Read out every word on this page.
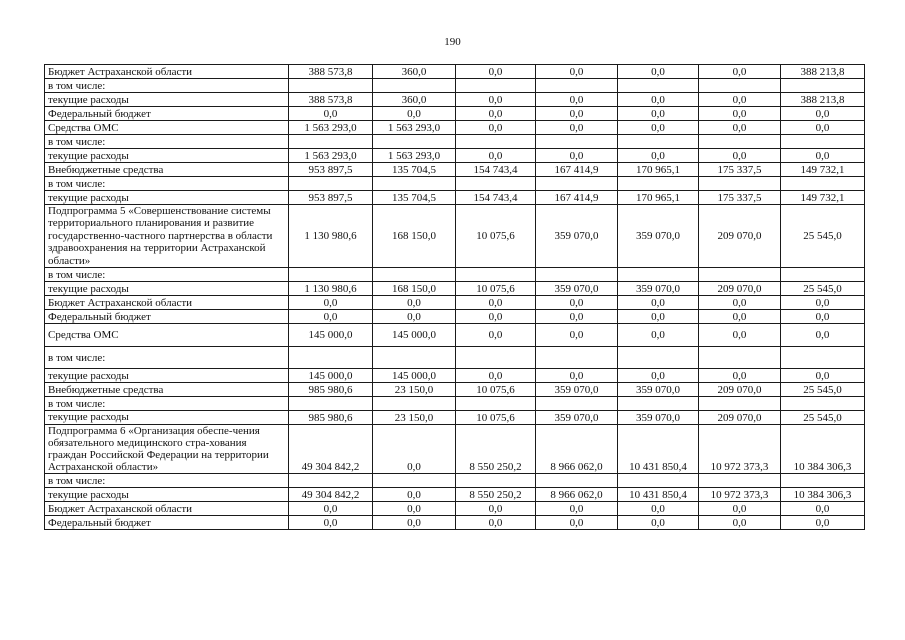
190
Бюджет Астраханской области	388 573,8	360,0	0,0	0,0	0,0	0,0	388 213,8
в том числе:							
текущие расходы	388 573,8	360,0	0,0	0,0	0,0	0,0	388 213,8
Федеральный бюджет	0,0	0,0	0,0	0,0	0,0	0,0	0,0
Средства ОМС	1 563 293,0	1 563 293,0	0,0	0,0	0,0	0,0	0,0
в том числе:							
текущие расходы	1 563 293,0	1 563 293,0	0,0	0,0	0,0	0,0	0,0
Внебюджетные средства	953 897,5	135 704,5	154 743,4	167 414,9	170 965,1	175 337,5	149 732,1
в том числе:							
текущие расходы	953 897,5	135 704,5	154 743,4	167 414,9	170 965,1	175 337,5	149 732,1
Подпрограмма 5 «Совершенствование системы территориального планирования и развитие государственно-частного партнерства в области здравоохранения на территории Астраханской области»	1 130 980,6	168 150,0	10 075,6	359 070,0	359 070,0	209 070,0	25 545,0
в том числе:							
текущие расходы	1 130 980,6	168 150,0	10 075,6	359 070,0	359 070,0	209 070,0	25 545,0
Бюджет Астраханской области	0,0	0,0	0,0	0,0	0,0	0,0	0,0
Федеральный бюджет	0,0	0,0	0,0	0,0	0,0	0,0	0,0
Средства ОМС	145 000,0	145 000,0	0,0	0,0	0,0	0,0	0,0
в том числе:							
текущие расходы	145 000,0	145 000,0	0,0	0,0	0,0	0,0	0,0
Внебюджетные средства	985 980,6	23 150,0	10 075,6	359 070,0	359 070,0	209 070,0	25 545,0
в том числе:							
текущие расходы	985 980,6	23 150,0	10 075,6	359 070,0	359 070,0	209 070,0	25 545,0
Подпрограмма 6 «Организация обеспе-чения обязательного медицинского стра-хования граждан Российской Федерации на территории Астраханской области»	49 304 842,2	0,0	8 550 250,2	8 966 062,0	10 431 850,4	10 972 373,3	10 384 306,3
в том числе:							
текущие расходы	49 304 842,2	0,0	8 550 250,2	8 966 062,0	10 431 850,4	10 972 373,3	10 384 306,3
Бюджет Астраханской области	0,0	0,0	0,0	0,0	0,0	0,0	0,0
Федеральный бюджет	0,0	0,0	0,0	0,0	0,0	0,0	0,0
